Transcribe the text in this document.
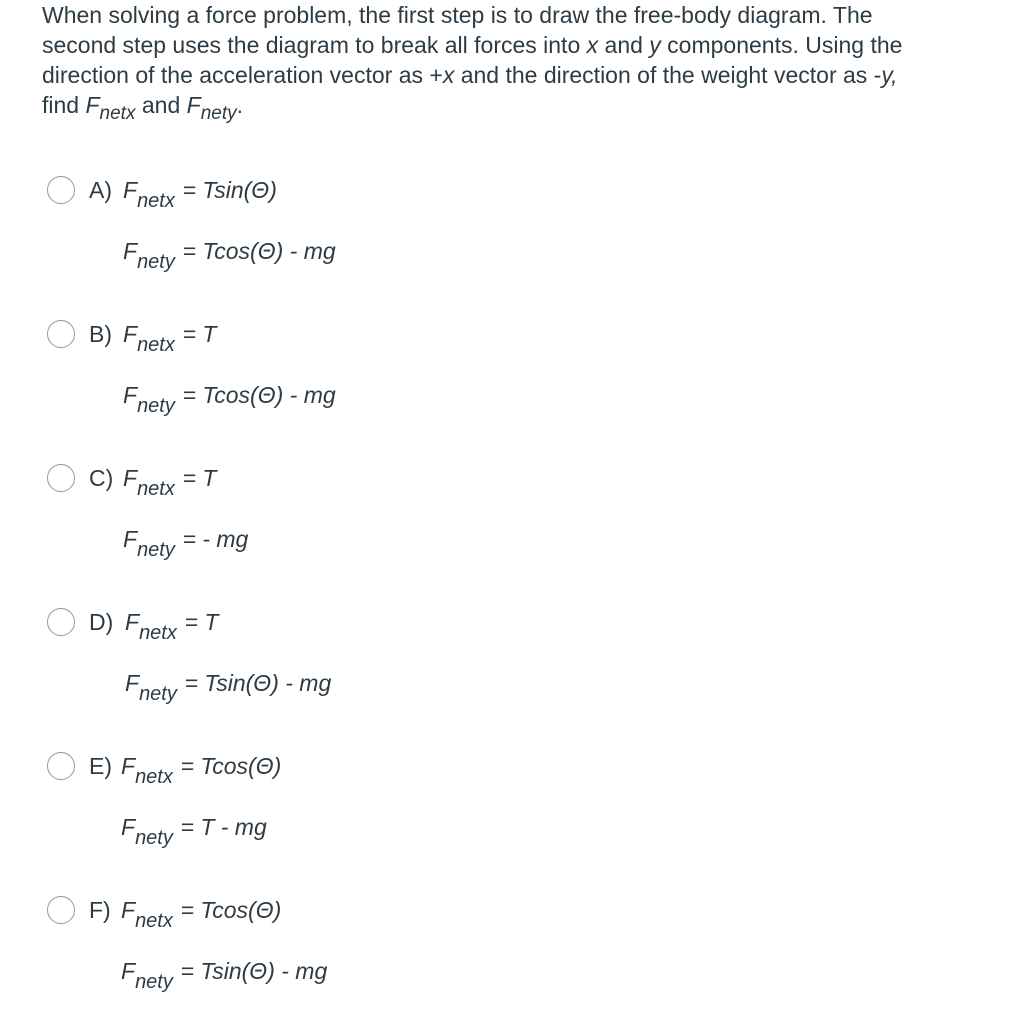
When solving a force problem, the first step is to draw the free-body diagram. The
second step uses the diagram to break all forces into x and y components. Using the
direction of the acceleration vector as +x and the direction of the weight vector as -y,
find $F_{netx}$ and $F_{nety}$.
A) Fnetx = Tsin(Θ)
Fnety = Tcos(Θ) - mg
B) Fnetx = T
Fnety = Tcos(Θ) - mg
C) Fnetx = T
Fnety = - mg
D) Fnetx = T
Fnety = Tsin(Θ) - mg
E) Fnetx = Tcos(Θ)
Fnety = T - mg
F) Fnetx = Tcos(Θ)
Fnety = Tsin(Θ) - mg
